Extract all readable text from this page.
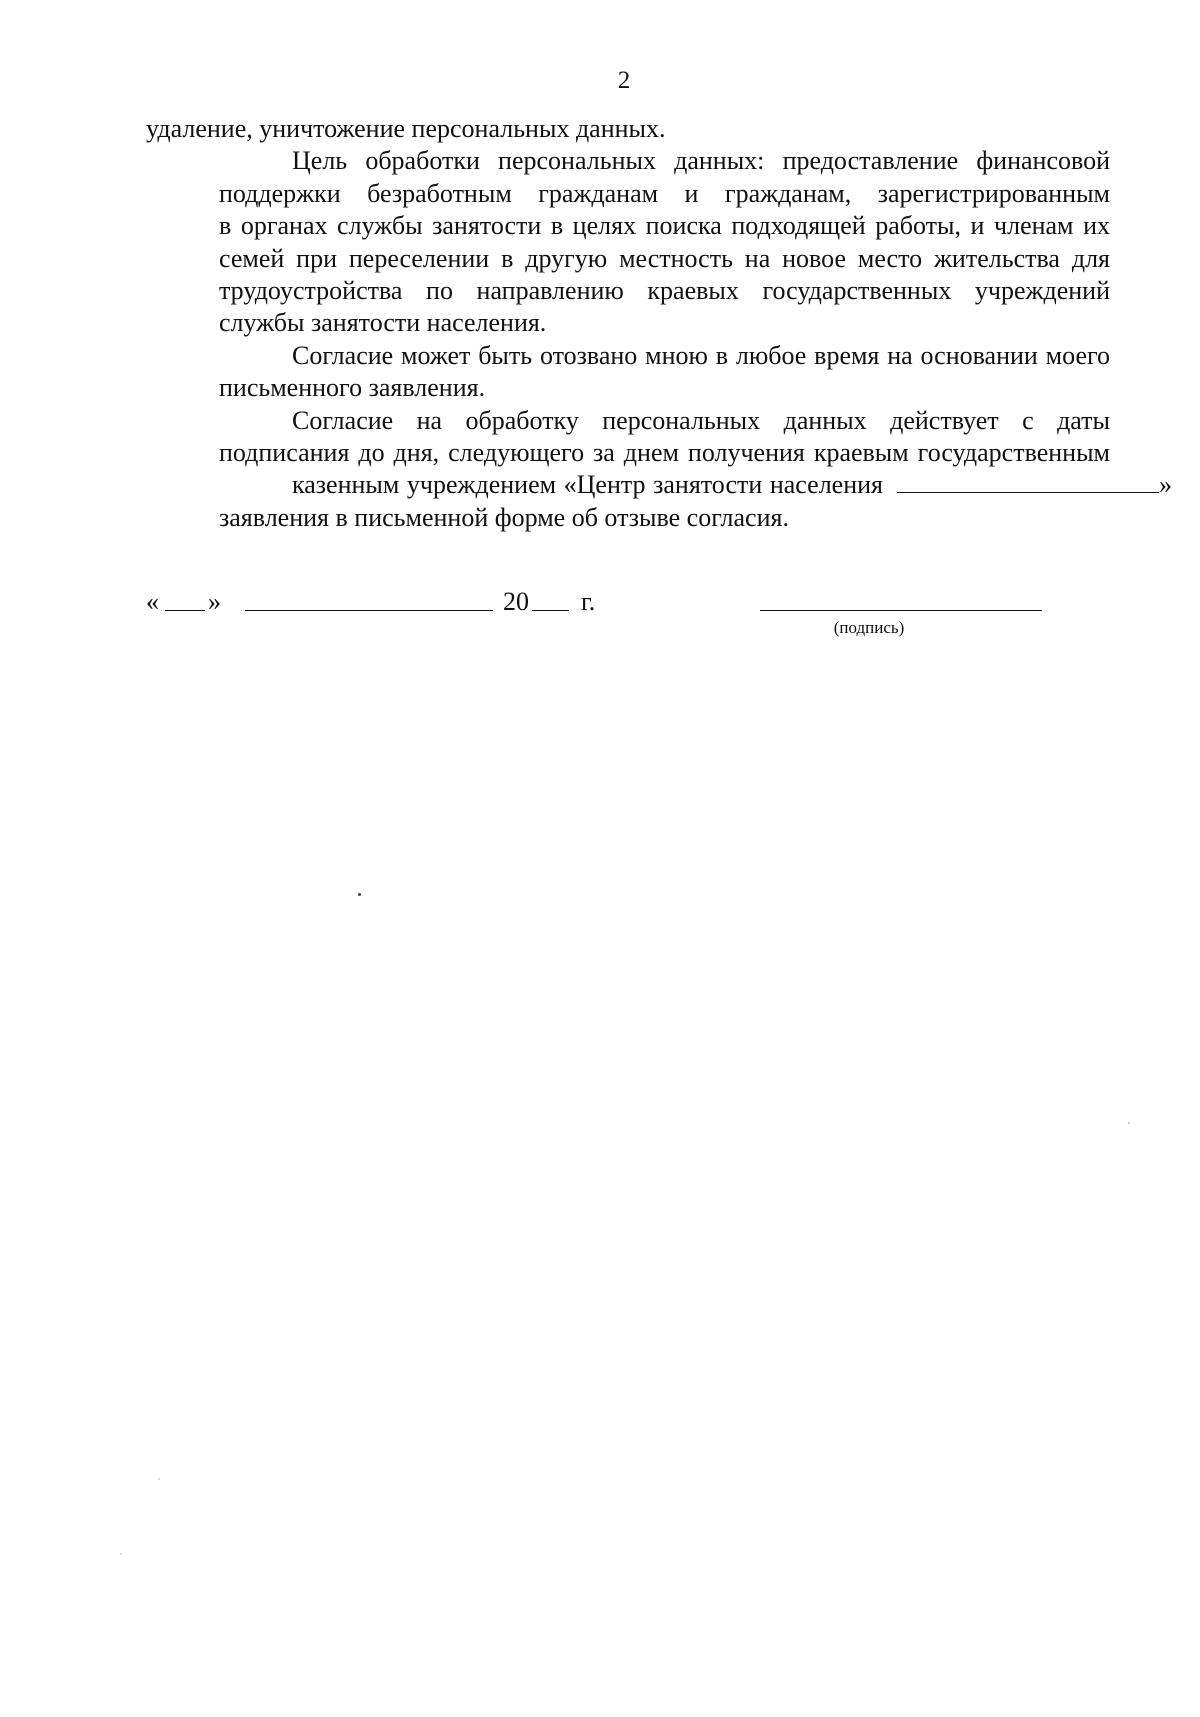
2

удаление, уничтожение персональных данных.

Цель обработки персональных данных: предоставление финансовой
поддержки безработным гражданам и гражданам, зарегистрированным
в органах службы занятости в целях поиска подходящей работы, и членам их
семей при переселении в другую местность на новое место жительства для
трудоустройства по направлению краевых государственных учреждений
службы занятости населения.

Согласие может быть отозвано мною в любое время на основании моего
письменного заявления.

Согласие на обработку персональных данных действует с даты
подписания до дня, следующего за днем получения краевым государственным
казенным учреждением «Центр занятости населения	»
заявления в письменной форме об отзыве согласия.

« »	20 г.
(подпись)
